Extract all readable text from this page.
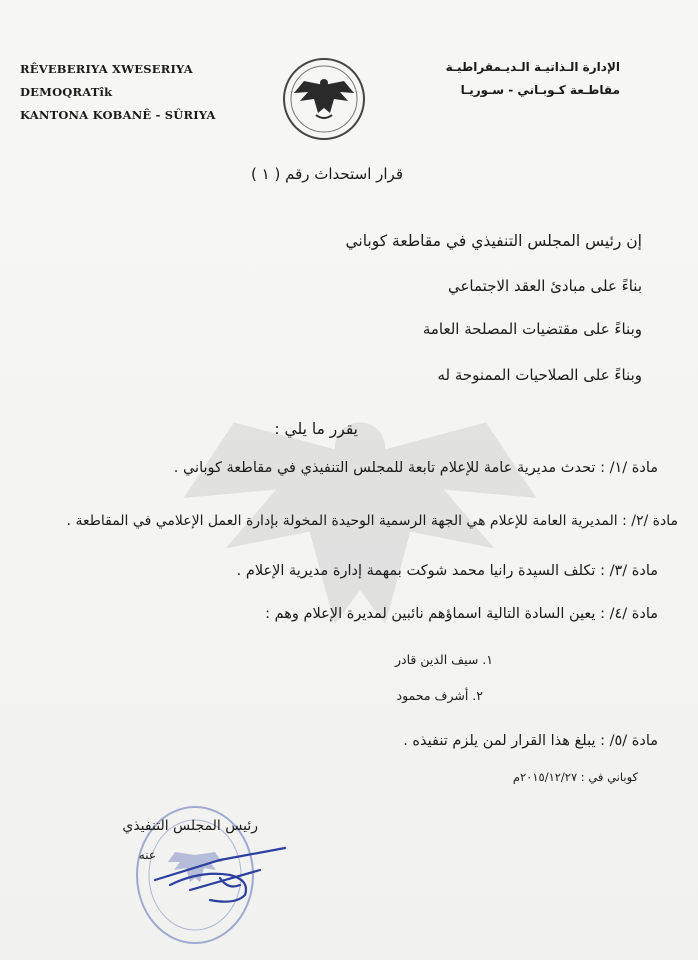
RÊVEBERIYA XWESERIYA DEMOQRATîk
KANTONA KOBANÊ - SÛRIYA
الإدارة الـذاتيـة الـديـمقراطيـة
مقاطـعة كـوبـاني - سـوريـا
قرار استحداث رقم ( ١ )
إن رئيس المجلس التنفيذي في مقاطعة كوباني
بناءً على مبادئ العقد الاجتماعي
وبناءً على مقتضيات المصلحة العامة
وبناءً على الصلاحيات الممنوحة له
يقرر ما يلي :
مادة /١/ : تحدث مديرية عامة للإعلام تابعة للمجلس التنفيذي في مقاطعة كوباني .
مادة /٢/ : المديرية العامة للإعلام هي الجهة الرسمية الوحيدة المخولة بإدارة العمل الإعلامي في المقاطعة .
مادة /٣/ : تكلف السيدة رانيا محمد شوكت بمهمة إدارة مديرية الإعلام .
مادة /٤/ : يعين السادة التالية اسماؤهم نائبين لمديرة الإعلام وهم :
١. سيف الدين قادر
٢. أشرف محمود
مادة /٥/ : يبلغ هذا القرار لمن يلزم تنفيذه .
كوباني في : ٢٠١٥/١٢/٢٧م
رئيس المجلس التنفيذي
عنه
